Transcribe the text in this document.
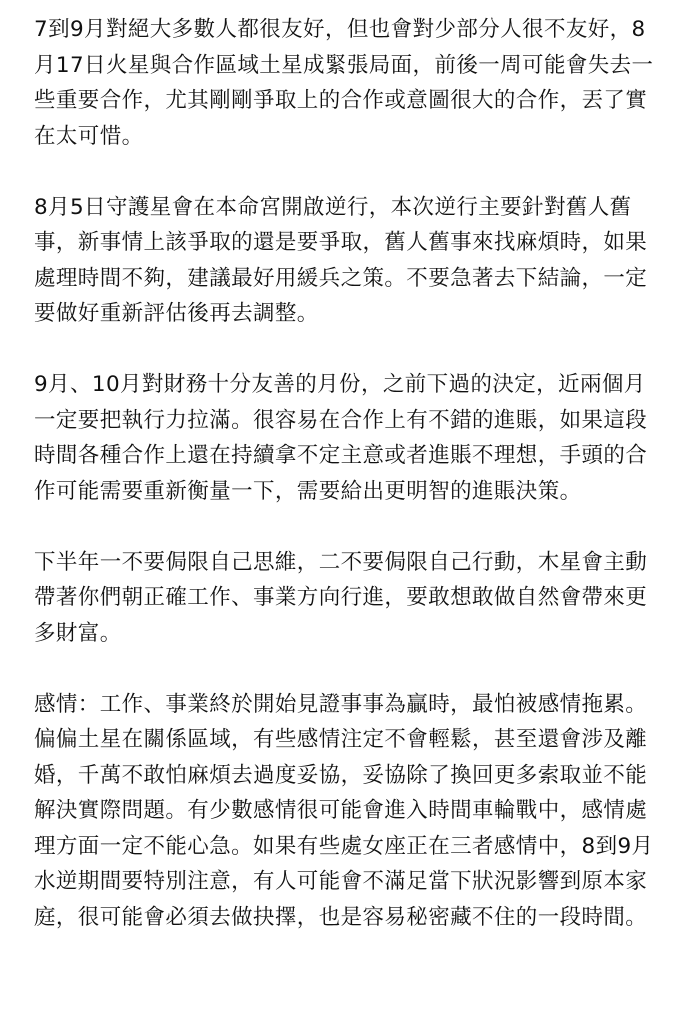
7到9月對絕大多數人都很友好，但也會對少部分人很不友好，8月17日火星與合作區域土星成緊張局面，前後一周可能會失去一些重要合作，尤其剛剛爭取上的合作或意圖很大的合作，丟了實在太可惜。

8月5日守護星會在本命宮開啟逆行，本次逆行主要針對舊人舊事，新事情上該爭取的還是要爭取，舊人舊事來找麻煩時，如果處理時間不夠，建議最好用緩兵之策。不要急著去下結論，一定要做好重新評估後再去調整。

9月、10月對財務十分友善的月份，之前下過的決定，近兩個月一定要把執行力拉滿。很容易在合作上有不錯的進賬，如果這段時間各種合作上還在持續拿不定主意或者進賬不理想，手頭的合作可能需要重新衡量一下，需要給出更明智的進賬決策。

下半年一不要侷限自己思維，二不要侷限自己行動，木星會主動帶著你們朝正確工作、事業方向行進，要敢想敢做自然會帶來更多財富。

感情：工作、事業終於開始見證事事為贏時，最怕被感情拖累。偏偏土星在關係區域，有些感情注定不會輕鬆，甚至還會涉及離婚，千萬不敢怕麻煩去過度妥協，妥協除了換回更多索取並不能解決實際問題。有少數感情很可能會進入時間車輪戰中，感情處理方面一定不能心急。如果有些處女座正在三者感情中，8到9月水逆期間要特別注意，有人可能會不滿足當下狀況影響到原本家庭，很可能會必須去做抉擇，也是容易秘密藏不住的一段時間。
